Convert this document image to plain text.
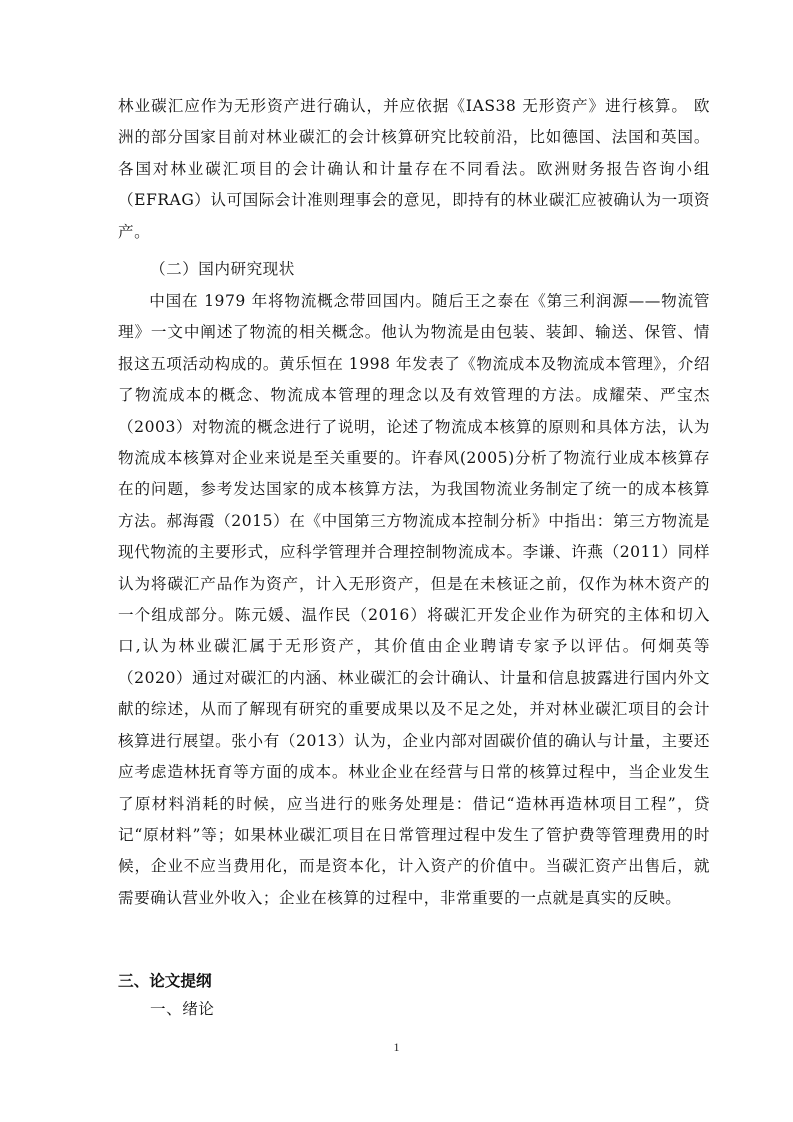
林业碳汇应作为无形资产进行确认，并应依据《IAS38 无形资产》进行核算。 欧洲的部分国家目前对林业碳汇的会计核算研究比较前沿，比如德国、法国和英国。各国对林业碳汇项目的会计确认和计量存在不同看法。欧洲财务报告咨询小组（EFRAG）认可国际会计准则理事会的意见，即持有的林业碳汇应被确认为一项资产。

（二）国内研究现状

中国在 1979 年将物流概念带回国内。随后王之泰在《第三利润源——物流管理》一文中阐述了物流的相关概念。他认为物流是由包装、装卸、输送、保管、情报这五项活动构成的。黄乐恒在 1998 年发表了《物流成本及物流成本管理》，介绍了物流成本的概念、物流成本管理的理念以及有效管理的方法。成耀荣、严宝杰（2003）对物流的概念进行了说明，论述了物流成本核算的原则和具体方法，认为物流成本核算对企业来说是至关重要的。许春风(2005)分析了物流行业成本核算存在的问题，参考发达国家的成本核算方法，为我国物流业务制定了统一的成本核算方法。郝海霞（2015）在《中国第三方物流成本控制分析》中指出：第三方物流是现代物流的主要形式，应科学管理并合理控制物流成本。李谦、许燕（2011）同样认为将碳汇产品作为资产，计入无形资产，但是在未核证之前，仅作为林木资产的一个组成部分。陈元媛、温作民（2016）将碳汇开发企业作为研究的主体和切入口,认为林业碳汇属于无形资产，其价值由企业聘请专家予以评估。何炯英等（2020）通过对碳汇的内涵、林业碳汇的会计确认、计量和信息披露进行国内外文献的综述，从而了解现有研究的重要成果以及不足之处，并对林业碳汇项目的会计核算进行展望。张小有（2013）认为，企业内部对固碳价值的确认与计量，主要还应考虑造林抚育等方面的成本。林业企业在经营与日常的核算过程中，当企业发生了原材料消耗的时候，应当进行的账务处理是：借记“造林再造林项目工程”，贷记“原材料”等；如果林业碳汇项目在日常管理过程中发生了管护费等管理费用的时候，企业不应当费用化，而是资本化，计入资产的价值中。当碳汇资产出售后，就需要确认营业外收入；企业在核算的过程中，非常重要的一点就是真实的反映。

三、论文提纲
一、绪论
1
